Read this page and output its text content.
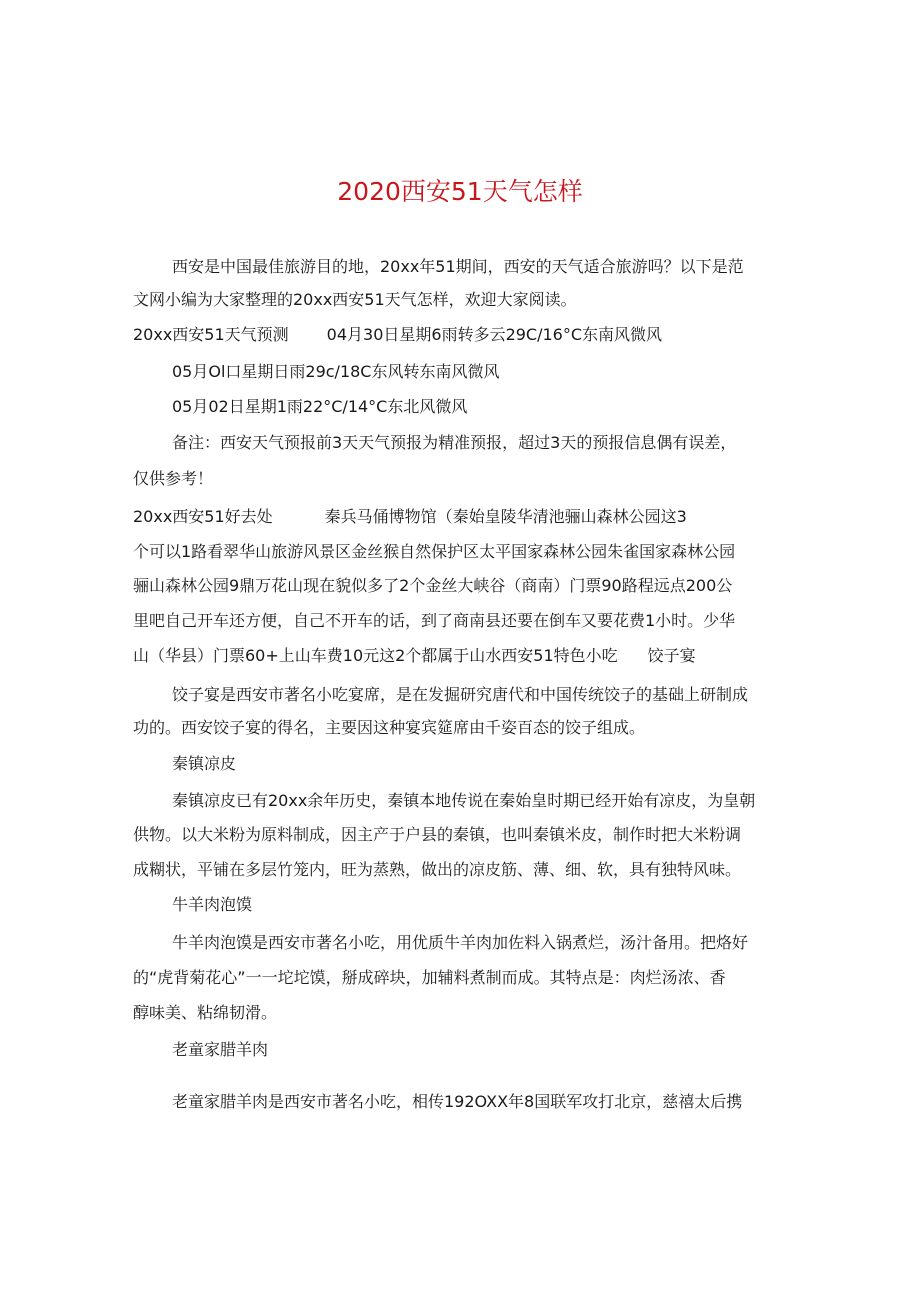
2020西安51天气怎样

西安是中国最佳旅游目的地，20xx年51期间，西安的天气适合旅游吗？以下是范

文网小编为大家整理的20xx西安51天气怎样，欢迎大家阅读。

20xx西安51天气预测 04月30日星期6雨转多云29C/16°C东南风微风

05月Ol口星期日雨29c/18C东风转东南风微风

05月02日星期1雨22°C/14°C东北风微风

备注：西安天气预报前3天天气预报为精准预报，超过3天的预报信息偶有误差，

仅供参考！

20xx西安51好去处	秦兵马俑博物馆（秦始皇陵华清池骊山森林公园这3

个可以1路看翠华山旅游风景区金丝猴自然保护区太平国家森林公园朱雀国家森林公园

骊山森林公园9鼎万花山现在貌似多了2个金丝大峡谷（商南）门票90路程远点200公

里吧自己开车还方便，自己不开车的话，到了商南县还要在倒车又要花费1小时。少华

山（华县）门票60+上山车费10元这2个都属于山水西安51特色小吃 饺子宴

饺子宴是西安市著名小吃宴席，是在发掘研究唐代和中国传统饺子的基础上研制成

功的。西安饺子宴的得名，主要因这种宴宾筵席由千姿百态的饺子组成。

秦镇凉皮

秦镇凉皮已有20xx余年历史，秦镇本地传说在秦始皇时期已经开始有凉皮，为皇朝

供物。以大米粉为原料制成，因主产于户县的秦镇，也叫秦镇米皮，制作时把大米粉调

成糊状，平铺在多层竹笼内，旺为蒸熟，做出的凉皮筋、薄、细、软，具有独特风味。

牛羊肉泡馍

牛羊肉泡馍是西安市著名小吃，用优质牛羊肉加佐料入锅煮烂，汤汁备用。把烙好

的“虎背菊花心”一一坨坨馍，掰成碎块，加辅料煮制而成。其特点是：肉烂汤浓、香

醇味美、粘绵韧滑。

老童家腊羊肉

老童家腊羊肉是西安市著名小吃，相传192OXX年8国联军攻打北京，慈禧太后携
